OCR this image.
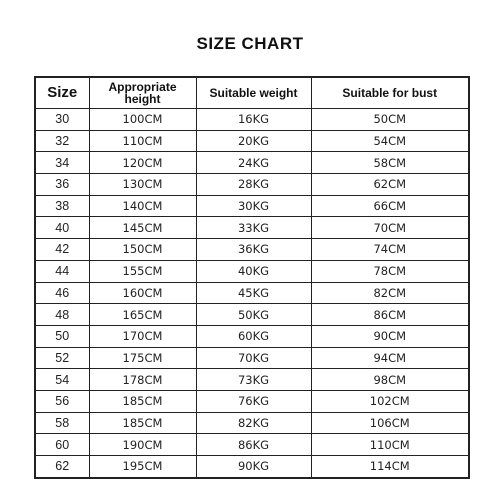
SIZE CHART
Size	Appropriate height	Suitable weight	Suitable for bust
30	100CM	16KG	50CM
32	110CM	20KG	54CM
34	120CM	24KG	58CM
36	130CM	28KG	62CM
38	140CM	30KG	66CM
40	145CM	33KG	70CM
42	150CM	36KG	74CM
44	155CM	40KG	78CM
46	160CM	45KG	82CM
48	165CM	50KG	86CM
50	170CM	60KG	90CM
52	175CM	70KG	94CM
54	178CM	73KG	98CM
56	185CM	76KG	102CM
58	185CM	82KG	106CM
60	190CM	86KG	110CM
62	195CM	90KG	114CM
